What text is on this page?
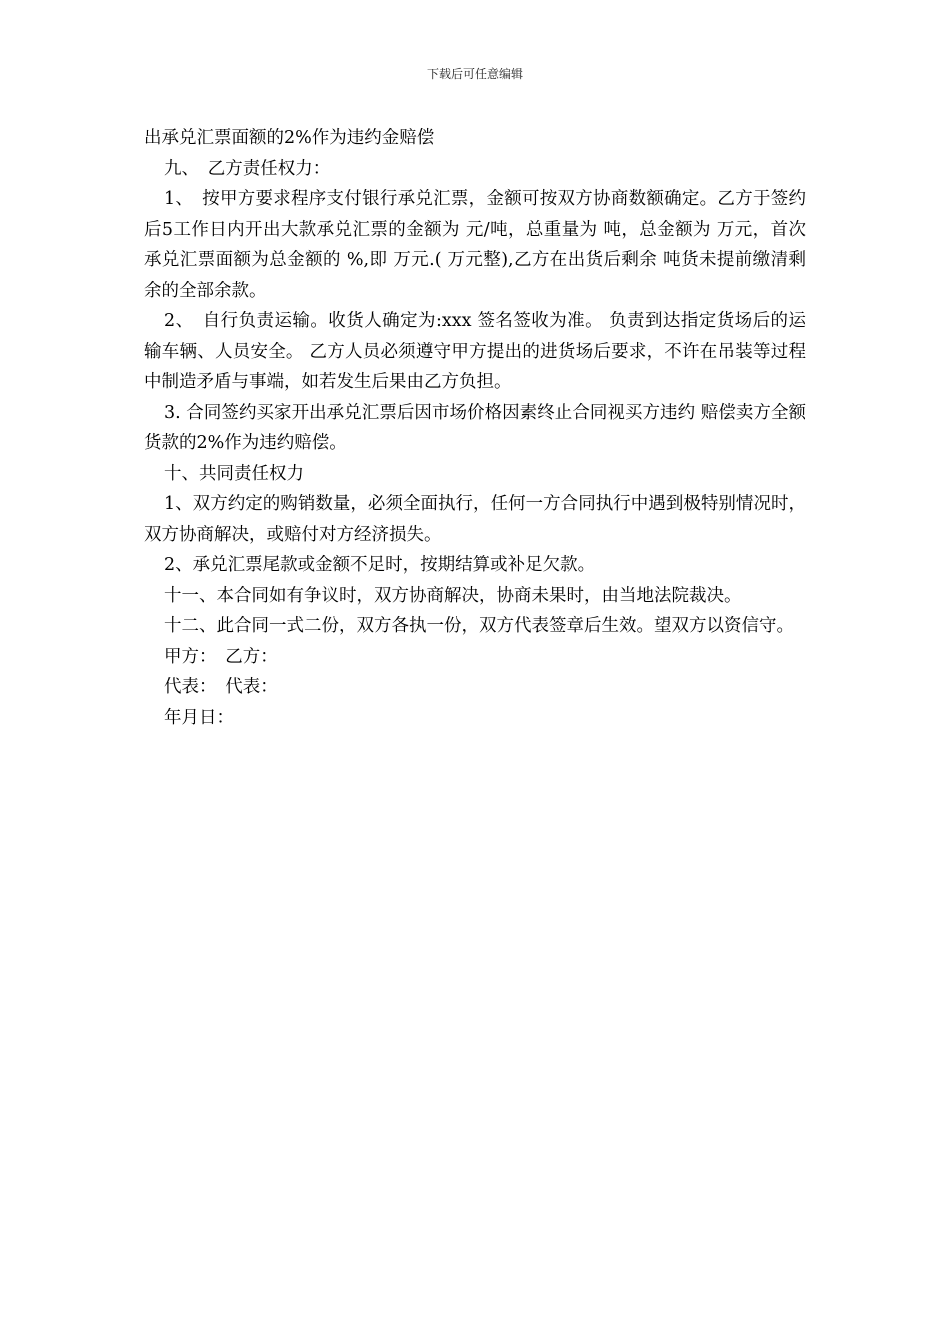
下载后可任意编辑

出承兑汇票面额的2%作为违约金赔偿

九、　乙方责任权力：

1、　按甲方要求程序支付银行承兑汇票，金额可按双方协商数额确定。乙方于签约后5工作日内开出大款承兑汇票的金额为 元/吨，总重量为 吨，总金额为 万元，首次承兑汇票面额为总金额的 %,即 万元.( 万元整),乙方在出货后剩余 吨货未提前缴清剩余的全部余款。

2、　自行负责运输。收货人确定为:xxx 签名签收为准。 负责到达指定货场后的运输车辆、人员安全。 乙方人员必须遵守甲方提出的进货场后要求，不许在吊装等过程中制造矛盾与事端，如若发生后果由乙方负担。

3. 合同签约买家开出承兑汇票后因市场价格因素终止合同视买方违约 赔偿卖方全额货款的2%作为违约赔偿。

十、共同责任权力

1、双方约定的购销数量，必须全面执行，任何一方合同执行中遇到极特别情况时，双方协商解决，或赔付对方经济损失。

2、承兑汇票尾款或金额不足时，按期结算或补足欠款。

十一、本合同如有争议时，双方协商解决，协商未果时，由当地法院裁决。

十二、此合同一式二份，双方各执一份，双方代表签章后生效。望双方以资信守。

甲方：　乙方：

代表：　代表：

年月日：
